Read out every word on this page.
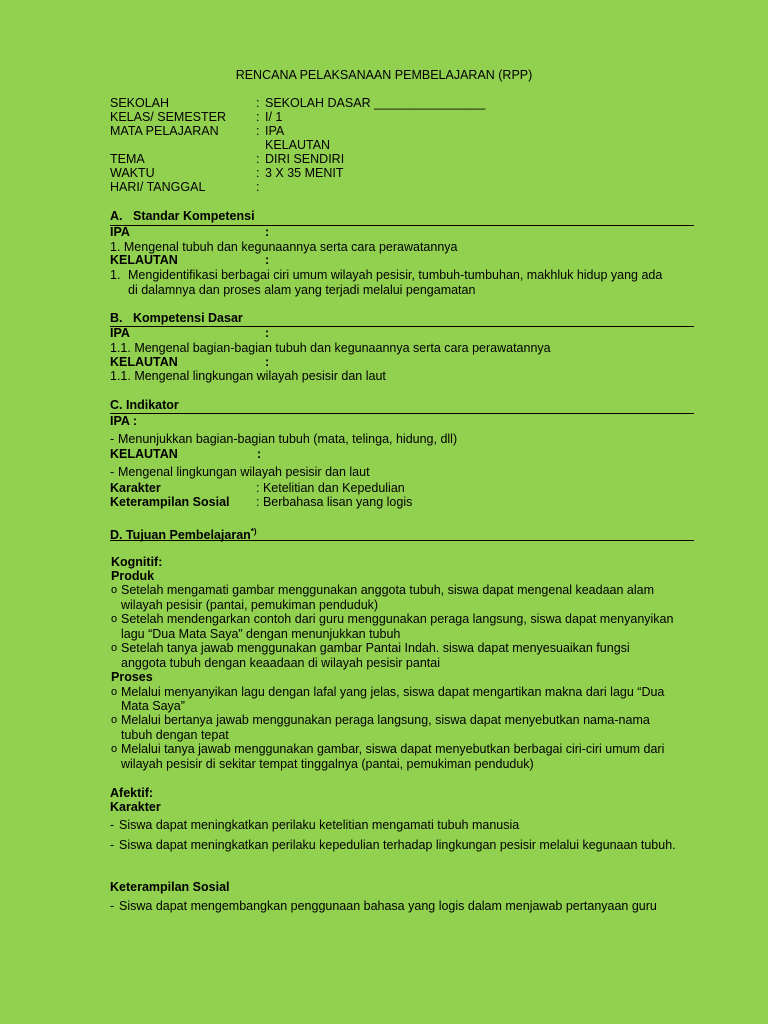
RENCANA PELAKSANAAN PEMBELAJARAN (RPP)
SEKOLAH	: SEKOLAH DASAR ________________
KELAS/ SEMESTER : I/ 1
MATA PELAJARAN	: IPA
KELAUTAN
TEMA	: DIRI SENDIRI
WAKTU	: 3 X 35 MENIT
HARI/ TANGGAL	:
A. Standar Kompetensi
IPA	:
1. Mengenal tubuh dan kegunaannya serta cara perawatannya
KELAUTAN	:
1. Mengidentifikasi berbagai ciri umum wilayah pesisir, tumbuh-tumbuhan, makhluk hidup yang ada
di dalamnya dan proses alam yang terjadi melalui pengamatan
B. Kompetensi Dasar
IPA	:
1.1. Mengenal bagian-bagian tubuh dan kegunaannya serta cara perawatannya
KELAUTAN	:
1.1. Mengenal lingkungan wilayah pesisir dan laut
C. Indikator
IPA :
- Menunjukkan bagian-bagian tubuh (mata, telinga, hidung, dll)
KELAUTAN	:
- Mengenal lingkungan wilayah pesisir dan laut
Karakter	: Ketelitian dan Kepedulian
Keterampilan Sosial : Berbahasa lisan yang logis
D. Tujuan Pembelajaran*)
Kognitif:
Produk
o Setelah mengamati gambar menggunakan anggota tubuh, siswa dapat mengenal keadaan alam
wilayah pesisir (pantai, pemukiman penduduk)
o Setelah mendengarkan contoh dari guru menggunakan peraga langsung, siswa dapat menyanyikan
lagu “Dua Mata Saya” dengan menunjukkan tubuh
o Setelah tanya jawab menggunakan gambar Pantai Indah. siswa dapat menyesuaikan fungsi
anggota tubuh dengan keaadaan di wilayah pesisir pantai
Proses
o Melalui menyanyikan lagu dengan lafal yang jelas, siswa dapat mengartikan makna dari lagu “Dua
Mata Saya”
o Melalui bertanya jawab menggunakan peraga langsung, siswa dapat menyebutkan nama-nama
tubuh dengan tepat
o Melalui tanya jawab menggunakan gambar, siswa dapat menyebutkan berbagai ciri-ciri umum dari
wilayah pesisir di sekitar tempat tinggalnya (pantai, pemukiman penduduk)
Afektif:
Karakter
- Siswa dapat meningkatkan perilaku ketelitian mengamati tubuh manusia
- Siswa dapat meningkatkan perilaku kepedulian terhadap lingkungan pesisir melalui kegunaan tubuh.
Keterampilan Sosial
- Siswa dapat mengembangkan penggunaan bahasa yang logis dalam menjawab pertanyaan guru
